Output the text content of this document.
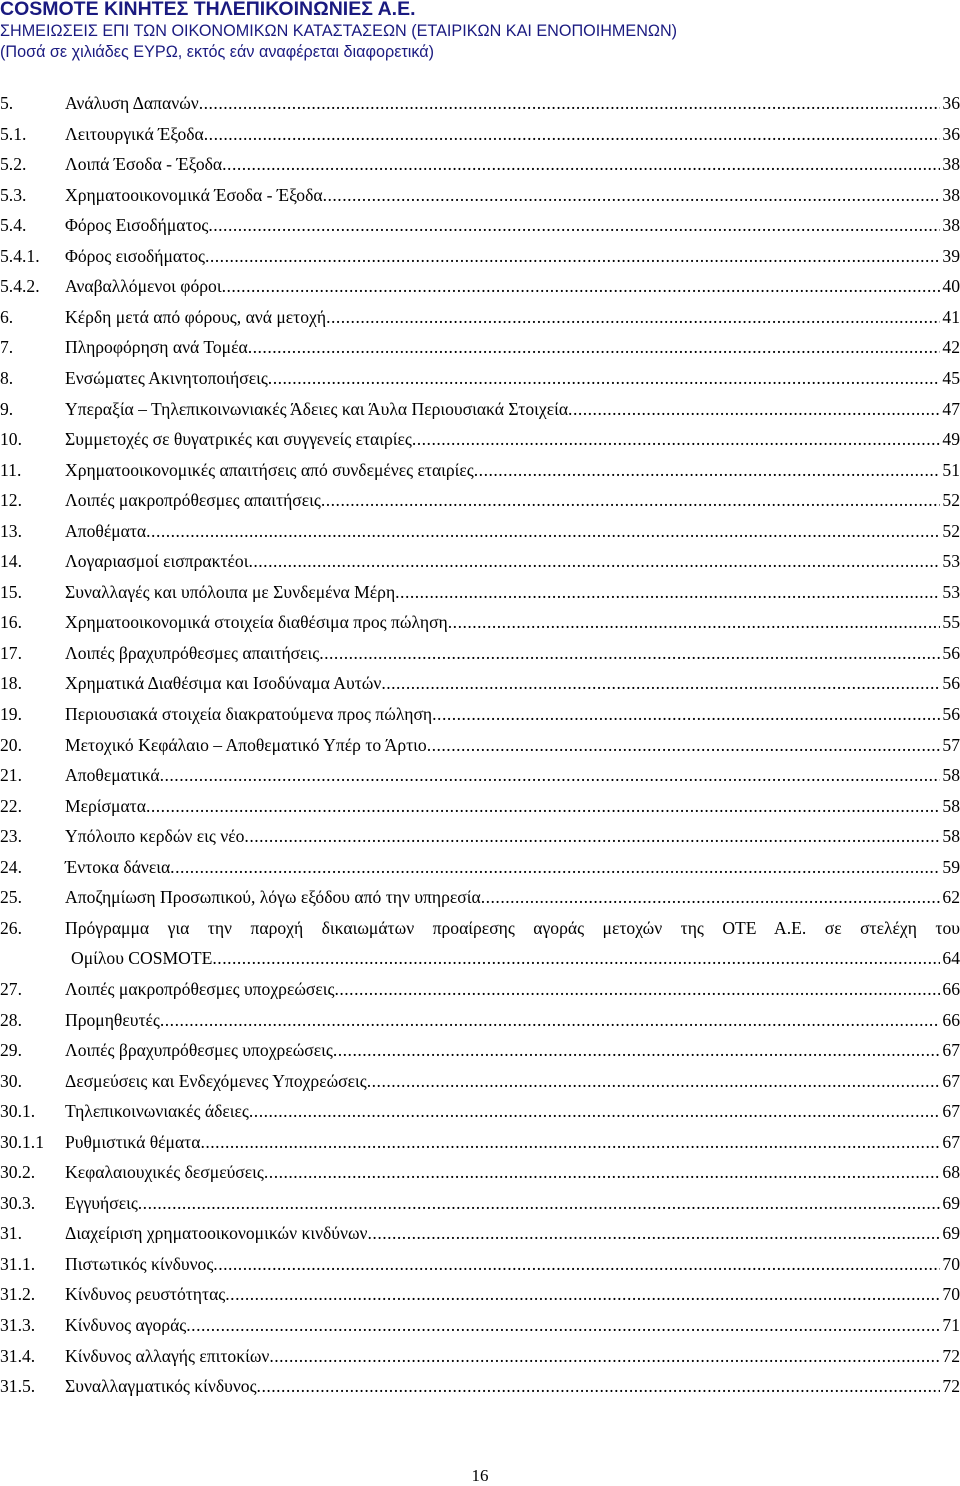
COSMOTE ΚΙΝΗΤΕΣ ΤΗΛΕΠΙΚΟΙΝΩΝΙΕΣ Α.Ε.
ΣΗΜΕΙΩΣΕΙΣ ΕΠΙ ΤΩΝ ΟΙΚΟΝΟΜΙΚΩΝ ΚΑΤΑΣΤΑΣΕΩΝ (ΕΤΑΙΡΙΚΩΝ ΚΑΙ ΕΝΟΠΟΙΗΜΕΝΩΝ)
(Ποσά σε χιλιάδες ΕΥΡΩ, εκτός εάν αναφέρεται διαφορετικά)
5.	Ανάλυση Δαπανών .....	36
5.1. Λειτουργικά Έξοδα .....	36
5.2. Λοιπά Έσοδα - Έξοδα .....	38
5.3. Χρηματοοικονομικά Έσοδα - Έξοδα .....	38
5.4. Φόρος Εισοδήματος .....	38
5.4.1. Φόρος εισοδήματος .....	39
5.4.2. Αναβαλλόμενοι φόροι .....	40
6.	Κέρδη μετά από φόρους, ανά μετοχή .....	41
7.	Πληροφόρηση ανά Τομέα .....	42
8.	Ενσώματες Ακινητοποιήσεις .....	45
9.	Υπεραξία – Τηλεπικοινωνιακές Άδειες και Άυλα Περιουσιακά Στοιχεία .....	47
10. Συμμετοχές σε θυγατρικές και συγγενείς εταιρίες .....	49
11. Χρηματοοικονομικές απαιτήσεις από συνδεμένες εταιρίες .....	51
12. Λοιπές μακροπρόθεσμες απαιτήσεις .....	52
13. Αποθέματα .....	52
14. Λογαριασμοί εισπρακτέοι .....	53
15. Συναλλαγές και υπόλοιπα με Συνδεμένα Μέρη .....	53
16. Χρηματοοικονομικά στοιχεία διαθέσιμα προς πώληση .....	55
17. Λοιπές βραχυπρόθεσμες απαιτήσεις .....	56
18. Χρηματικά Διαθέσιμα και Ισοδύναμα Αυτών .....	56
19. Περιουσιακά στοιχεία διακρατούμενα προς πώληση .....	56
20. Μετοχικό Κεφάλαιο – Αποθεματικό Υπέρ το Άρτιο .....	57
21. Αποθεματικά .....	58
22. Μερίσματα .....	58
23. Υπόλοιπο κερδών εις νέο .....	58
24. Έντοκα δάνεια .....	59
25. Αποζημίωση Προσωπικού, λόγω εξόδου από την υπηρεσία .....	62
26. Πρόγραμμα για την παροχή δικαιωμάτων προαίρεσης αγοράς μετοχών της ΟΤΕ Α.Ε. σε στελέχη του
Ομίλου COSMOTE .....	64
27. Λοιπές μακροπρόθεσμες υποχρεώσεις .....	66
28. Προμηθευτές .....	66
29. Λοιπές βραχυπρόθεσμες υποχρεώσεις .....	67
30. Δεσμεύσεις και Ενδεχόμενες Υποχρεώσεις .....	67
30.1. Τηλεπικοινωνιακές άδειες .....	67
30.1.1 Ρυθμιστικά θέματα .....	67
30.2. Κεφαλαιουχικές δεσμεύσεις .....	68
30.3. Εγγυήσεις .....	69
31. Διαχείριση χρηματοοικονομικών κινδύνων .....	69
31.1. Πιστωτικός κίνδυνος .....	70
31.2. Κίνδυνος ρευστότητας .....	70
31.3. Κίνδυνος αγοράς .....	71
31.4. Κίνδυνος αλλαγής επιτοκίων .....	72
31.5. Συναλλαγματικός κίνδυνος .....	72
16
